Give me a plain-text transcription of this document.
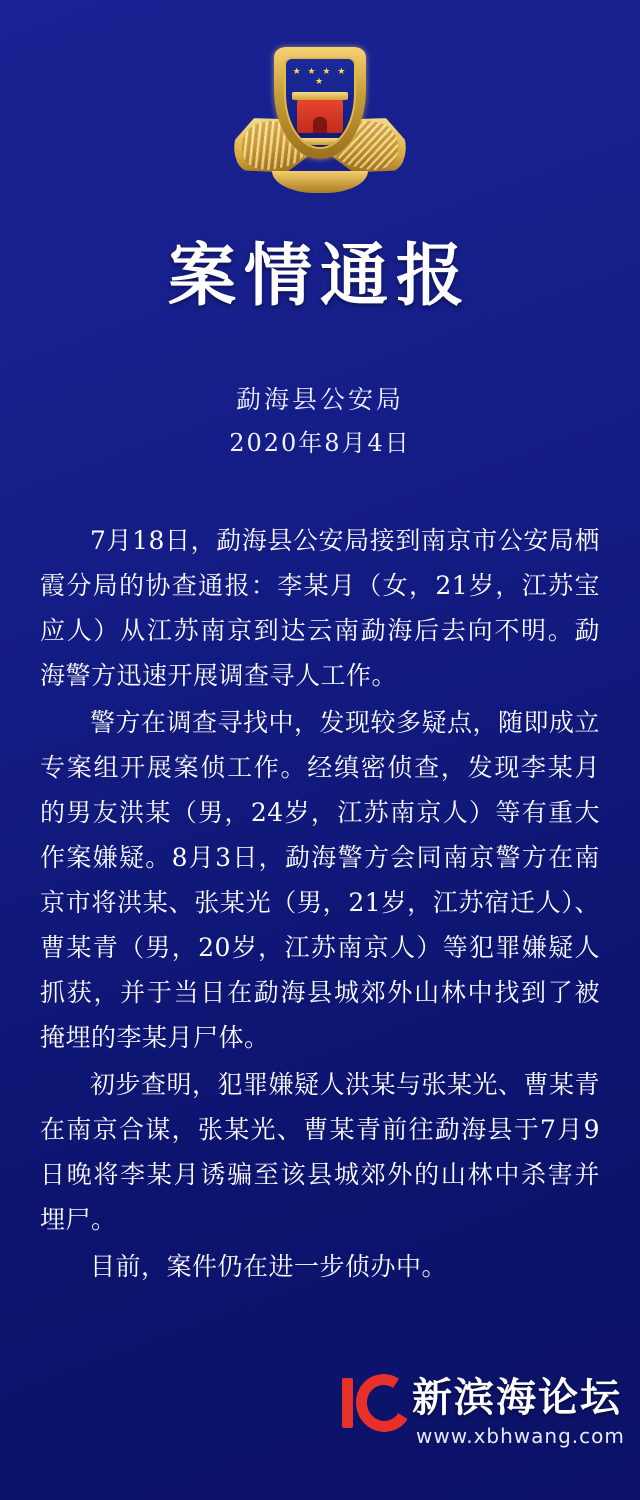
★ ★ ★ ★ ★
案情通报
勐海县公安局
2020年8月4日

7月18日，勐海县公安局接到南京市公安局栖霞分局的协查通报：李某月（女，21岁，江苏宝应人）从江苏南京到达云南勐海后去向不明。勐海警方迅速开展调查寻人工作。

警方在调查寻找中，发现较多疑点，随即成立专案组开展案侦工作。经缜密侦查，发现李某月的男友洪某（男，24岁，江苏南京人）等有重大作案嫌疑。8月3日，勐海警方会同南京警方在南京市将洪某、张某光（男，21岁，江苏宿迁人）、曹某青（男，20岁，江苏南京人）等犯罪嫌疑人抓获，并于当日在勐海县城郊外山林中找到了被掩埋的李某月尸体。

初步查明，犯罪嫌疑人洪某与张某光、曹某青在南京合谋，张某光、曹某青前往勐海县于7月9日晚将李某月诱骗至该县城郊外的山林中杀害并埋尸。

目前，案件仍在进一步侦办中。

新滨海论坛
www.xbhwang.com
